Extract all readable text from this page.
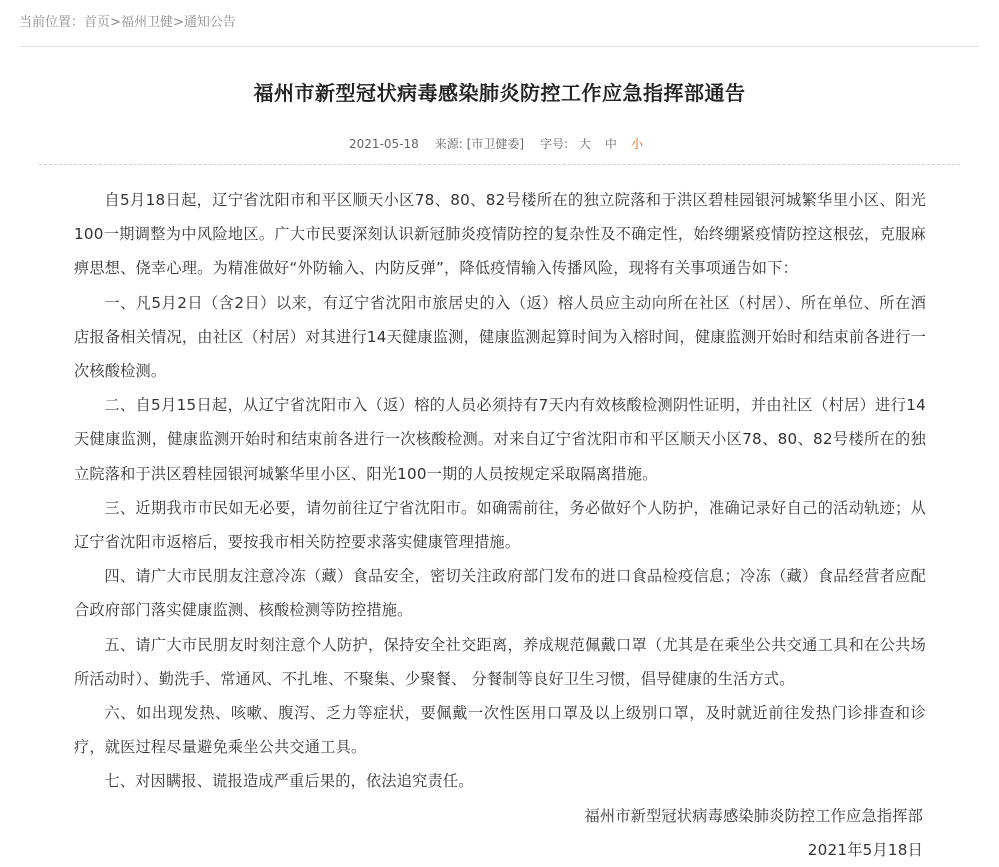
当前位置：首页>福州卫健>通知公告
福州市新型冠状病毒感染肺炎防控工作应急指挥部通告
2021-05-18 来源: [市卫健委] 字号: 大 中 小

自5月18日起，辽宁省沈阳市和平区顺天小区78、80、82号楼所在的独立院落和于洪区碧桂园银河城繁华里小区、阳光100一期调整为中风险地区。广大市民要深刻认识新冠肺炎疫情防控的复杂性及不确定性，始终绷紧疫情防控这根弦，克服麻痹思想、侥幸心理。为精准做好“外防输入、内防反弹”，降低疫情输入传播风险，现将有关事项通告如下：

一、凡5月2日（含2日）以来，有辽宁省沈阳市旅居史的入（返）榕人员应主动向所在社区（村居）、所在单位、所在酒店报备相关情况，由社区（村居）对其进行14天健康监测，健康监测起算时间为入榕时间，健康监测开始时和结束前各进行一次核酸检测。

二、自5月15日起，从辽宁省沈阳市入（返）榕的人员必须持有7天内有效核酸检测阴性证明，并由社区（村居）进行14天健康监测，健康监测开始时和结束前各进行一次核酸检测。对来自辽宁省沈阳市和平区顺天小区78、80、82号楼所在的独立院落和于洪区碧桂园银河城繁华里小区、阳光100一期的人员按规定采取隔离措施。

三、近期我市市民如无必要，请勿前往辽宁省沈阳市。如确需前往，务必做好个人防护，准确记录好自己的活动轨迹；从辽宁省沈阳市返榕后，要按我市相关防控要求落实健康管理措施。

四、请广大市民朋友注意冷冻（藏）食品安全，密切关注政府部门发布的进口食品检疫信息；冷冻（藏）食品经营者应配合政府部门落实健康监测、核酸检测等防控措施。

五、请广大市民朋友时刻注意个人防护，保持安全社交距离，养成规范佩戴口罩（尤其是在乘坐公共交通工具和在公共场所活动时）、勤洗手、常通风、不扎堆、不聚集、少聚餐、 分餐制等良好卫生习惯，倡导健康的生活方式。

六、如出现发热、咳嗽、腹泻、乏力等症状，要佩戴一次性医用口罩及以上级别口罩，及时就近前往发热门诊排查和诊疗，就医过程尽量避免乘坐公共交通工具。

七、对因瞒报、谎报造成严重后果的，依法追究责任。

福州市新型冠状病毒感染肺炎防控工作应急指挥部

2021年5月18日
